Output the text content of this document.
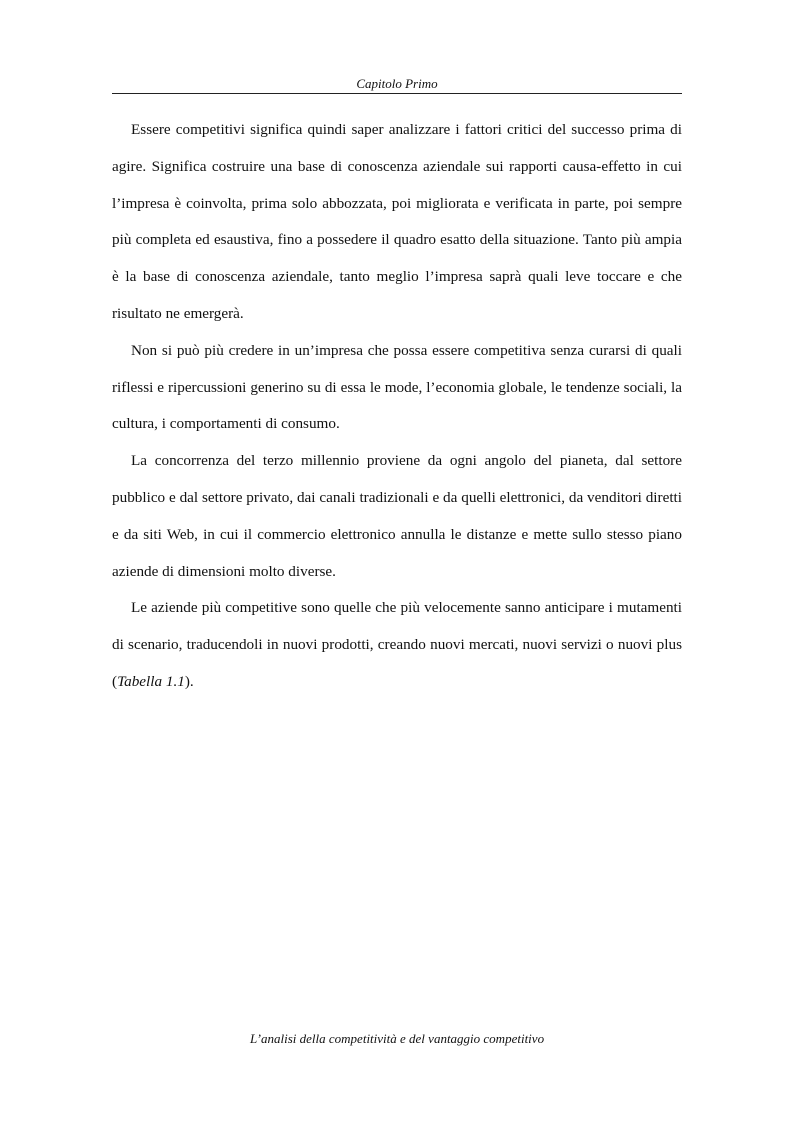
Capitolo Primo

Essere competitivi significa quindi saper analizzare i fattori critici del successo prima di agire. Significa costruire una base di conoscenza aziendale sui rapporti causa-effetto in cui l’impresa è coinvolta, prima solo abbozzata, poi migliorata e verificata in parte, poi sempre più completa ed esaustiva, fino a possedere il quadro esatto della situazione. Tanto più ampia è la base di conoscenza aziendale, tanto meglio l’impresa saprà quali leve toccare e che risultato ne emergerà.

Non si può più credere in un’impresa che possa essere competitiva senza curarsi di quali riflessi e ripercussioni generino su di essa le mode, l’economia globale, le tendenze sociali, la cultura, i comportamenti di consumo.

La concorrenza del terzo millennio proviene da ogni angolo del pianeta, dal settore pubblico e dal settore privato, dai canali tradizionali e da quelli elettronici, da venditori diretti e da siti Web, in cui il commercio elettronico annulla le distanze e mette sullo stesso piano aziende di dimensioni molto diverse.

Le aziende più competitive sono quelle che più velocemente sanno anticipare i mutamenti di scenario, traducendoli in nuovi prodotti, creando nuovi mercati, nuovi servizi o nuovi plus (Tabella 1.1).

L’analisi della competitività e del vantaggio competitivo
